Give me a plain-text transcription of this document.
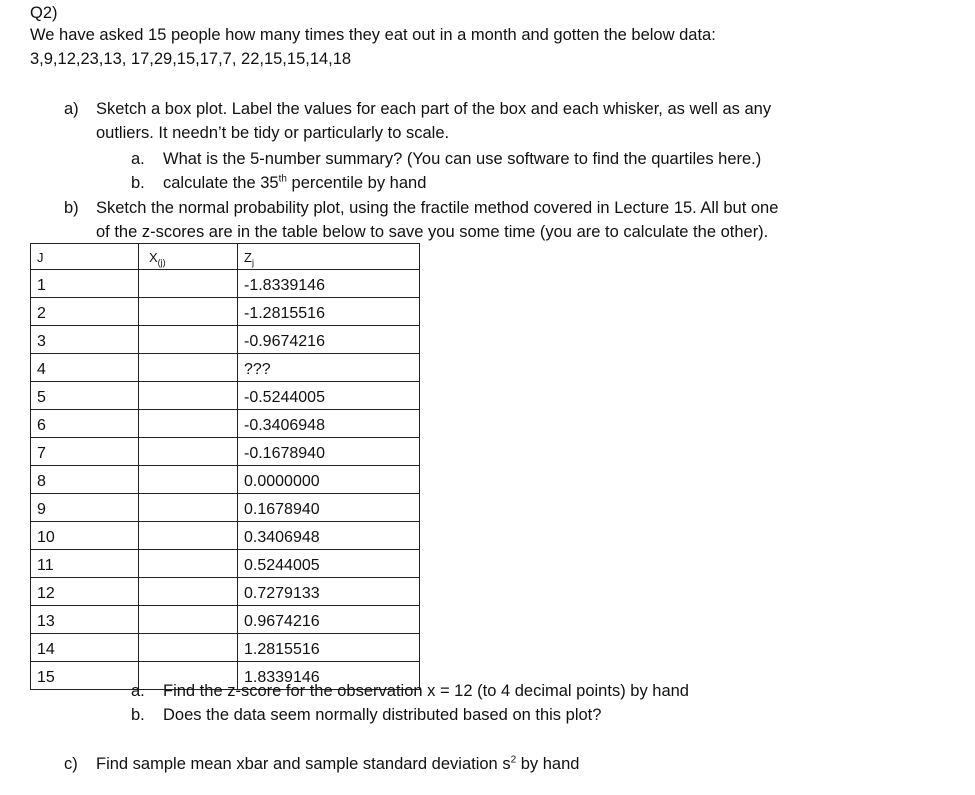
Q2)
We have asked 15 people how many times they eat out in a month and gotten the below data:
3,9,12,23,13, 17,29,15,17,7, 22,15,15,14,18
a) Sketch a box plot. Label the values for each part of the box and each whisker, as well as any
outliers. It needn’t be tidy or particularly to scale.
a. What is the 5-number summary? (You can use software to find the quartiles here.)
b. calculate the 35th percentile by hand
b) Sketch the normal probability plot, using the fractile method covered in Lecture 15. All but one
of the z-scores are in the table below to save you some time (you are to calculate the other).
J	$X_{(j)}$	$Z_j$
1		-1.8339146
2		-1.2815516
3		-0.9674216
4		???
5		-0.5244005
6		-0.3406948
7		-0.1678940
8		0.0000000
9		0.1678940
10		0.3406948
11		0.5244005
12		0.7279133
13		0.9674216
14		1.2815516
15		1.8339146
a. Find the z-score for the observation x = 12 (to 4 decimal points) by hand
b. Does the data seem normally distributed based on this plot?
c) Find sample mean xbar and sample standard deviation $s^2$ by hand
